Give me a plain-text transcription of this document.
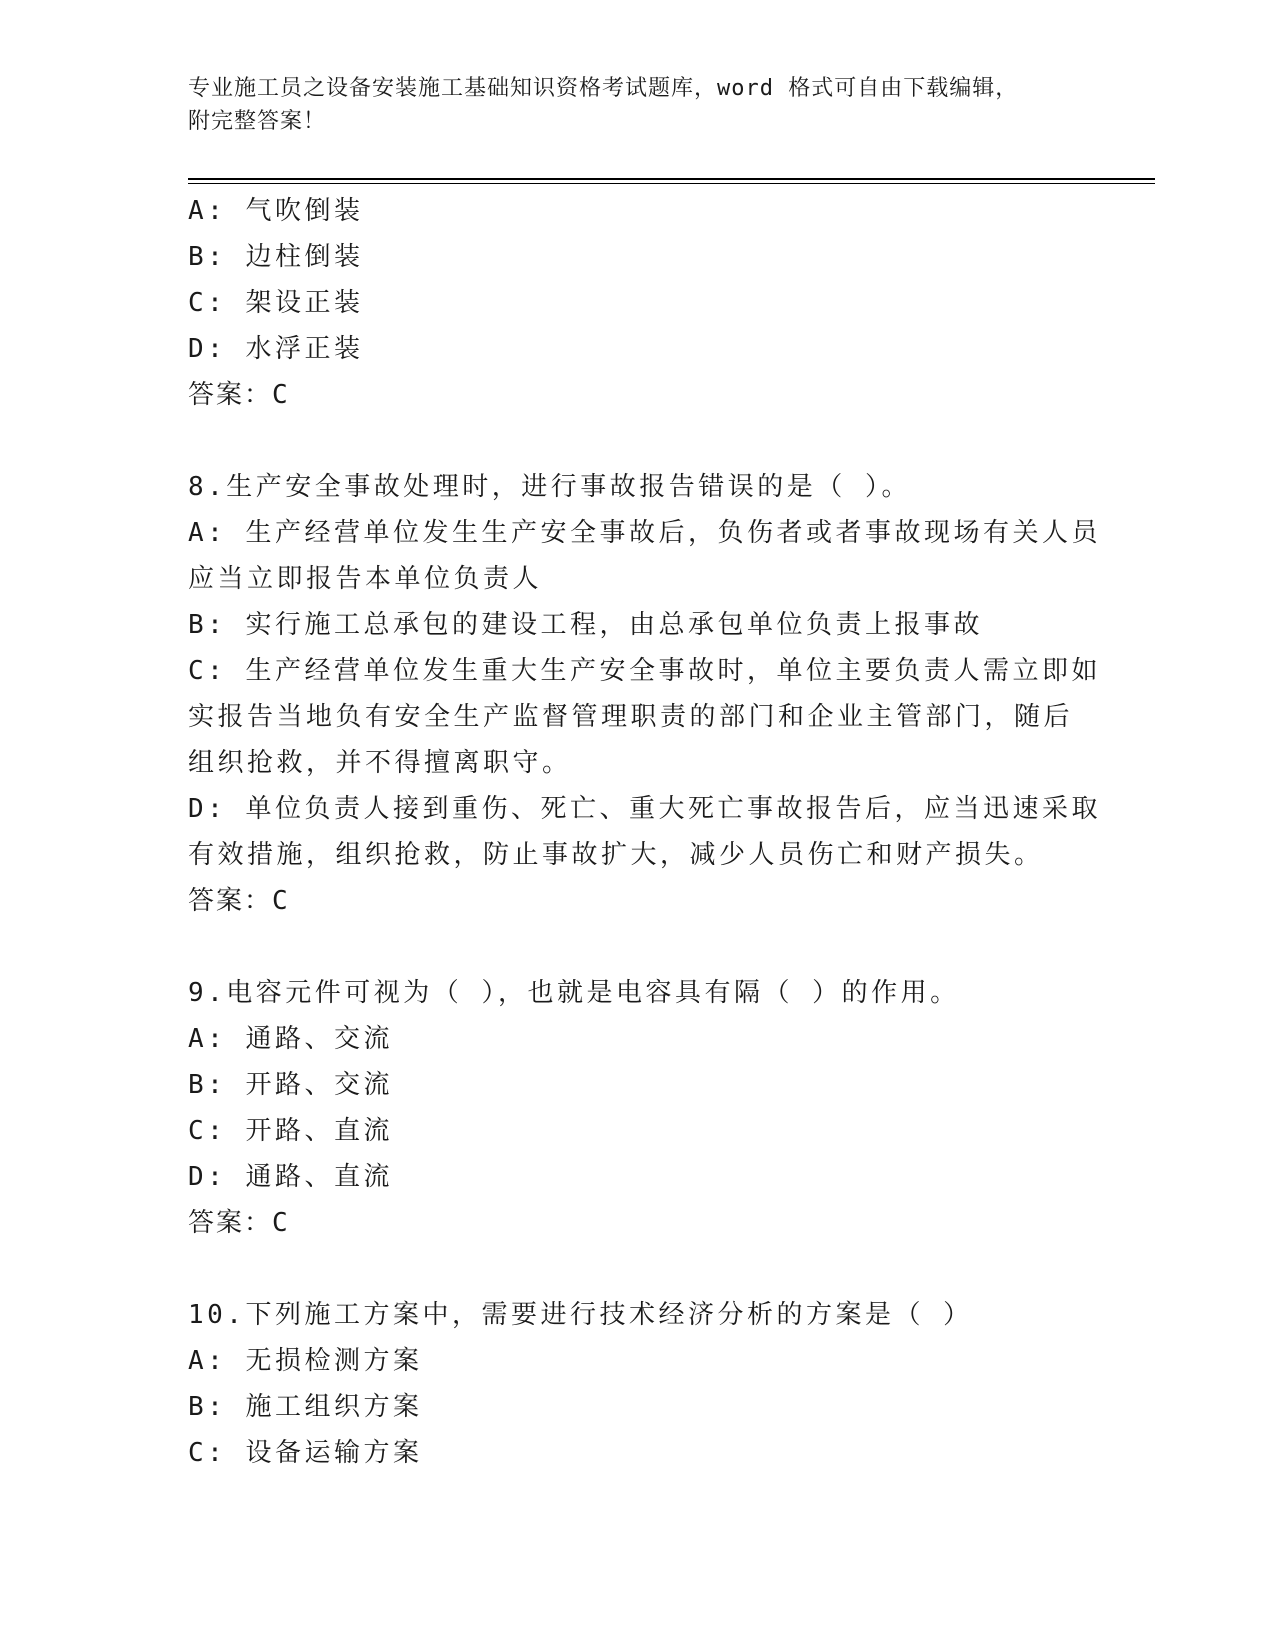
专业施工员之设备安装施工基础知识资格考试题库，word 格式可自由下载编辑，
附完整答案！
A: 气吹倒装
B: 边柱倒装
C: 架设正装
D: 水浮正装
答案：C
8.生产安全事故处理时，进行事故报告错误的是（ ）。
A: 生产经营单位发生生产安全事故后，负伤者或者事故现场有关人员
应当立即报告本单位负责人
B: 实行施工总承包的建设工程，由总承包单位负责上报事故
C: 生产经营单位发生重大生产安全事故时，单位主要负责人需立即如
实报告当地负有安全生产监督管理职责的部门和企业主管部门，随后
组织抢救，并不得擅离职守。
D: 单位负责人接到重伤、死亡、重大死亡事故报告后，应当迅速采取
有效措施，组织抢救，防止事故扩大，减少人员伤亡和财产损失。
答案：C
9.电容元件可视为（ ），也就是电容具有隔（ ）的作用。
A: 通路、交流
B: 开路、交流
C: 开路、直流
D: 通路、直流
答案：C
10.下列施工方案中，需要进行技术经济分析的方案是（ ）
A: 无损检测方案
B: 施工组织方案
C: 设备运输方案
